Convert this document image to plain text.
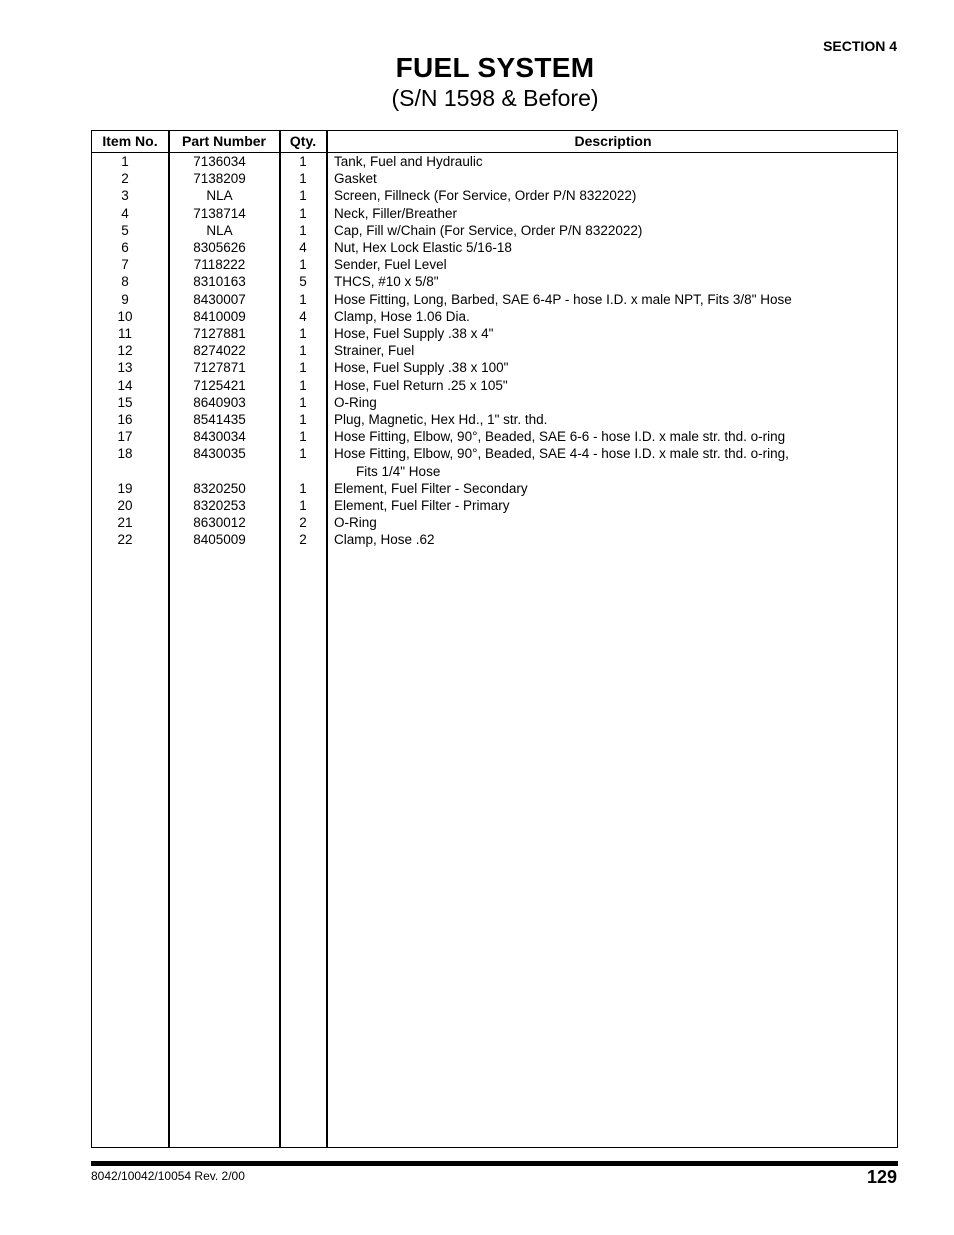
SECTION 4
FUEL SYSTEM
(S/N 1598 & Before)
Item No.	Part Number	Qty.	Description
1	7136034	1	Tank, Fuel and Hydraulic
2	7138209	1	Gasket
3	NLA	1	Screen, Fillneck (For Service, Order P/N 8322022)
4	7138714	1	Neck, Filler/Breather
5	NLA	1	Cap, Fill w/Chain (For Service, Order P/N 8322022)
6	8305626	4	Nut, Hex Lock Elastic 5/16-18
7	7118222	1	Sender, Fuel Level
8	8310163	5	THCS, #10 x 5/8"
9	8430007	1	Hose Fitting, Long, Barbed, SAE 6-4P - hose I.D. x male NPT, Fits 3/8" Hose
10	8410009	4	Clamp, Hose 1.06 Dia.
11	7127881	1	Hose, Fuel Supply .38 x 4"
12	8274022	1	Strainer, Fuel
13	7127871	1	Hose, Fuel Supply .38 x 100"
14	7125421	1	Hose, Fuel Return .25 x 105"
15	8640903	1	O-Ring
16	8541435	1	Plug, Magnetic, Hex Hd., 1" str. thd.
17	8430034	1	Hose Fitting, Elbow, 90°, Beaded, SAE 6-6 - hose I.D. x male str. thd. o-ring
18	8430035	1	Hose Fitting, Elbow, 90°, Beaded, SAE 4-4 - hose I.D. x male str. thd. o-ring,
Fits 1/4" Hose
19	8320250	1	Element, Fuel Filter - Secondary
20	8320253	1	Element, Fuel Filter - Primary
21	8630012	2	O-Ring
22	8405009	2	Clamp, Hose .62
8042/10042/10054 Rev. 2/00	129
